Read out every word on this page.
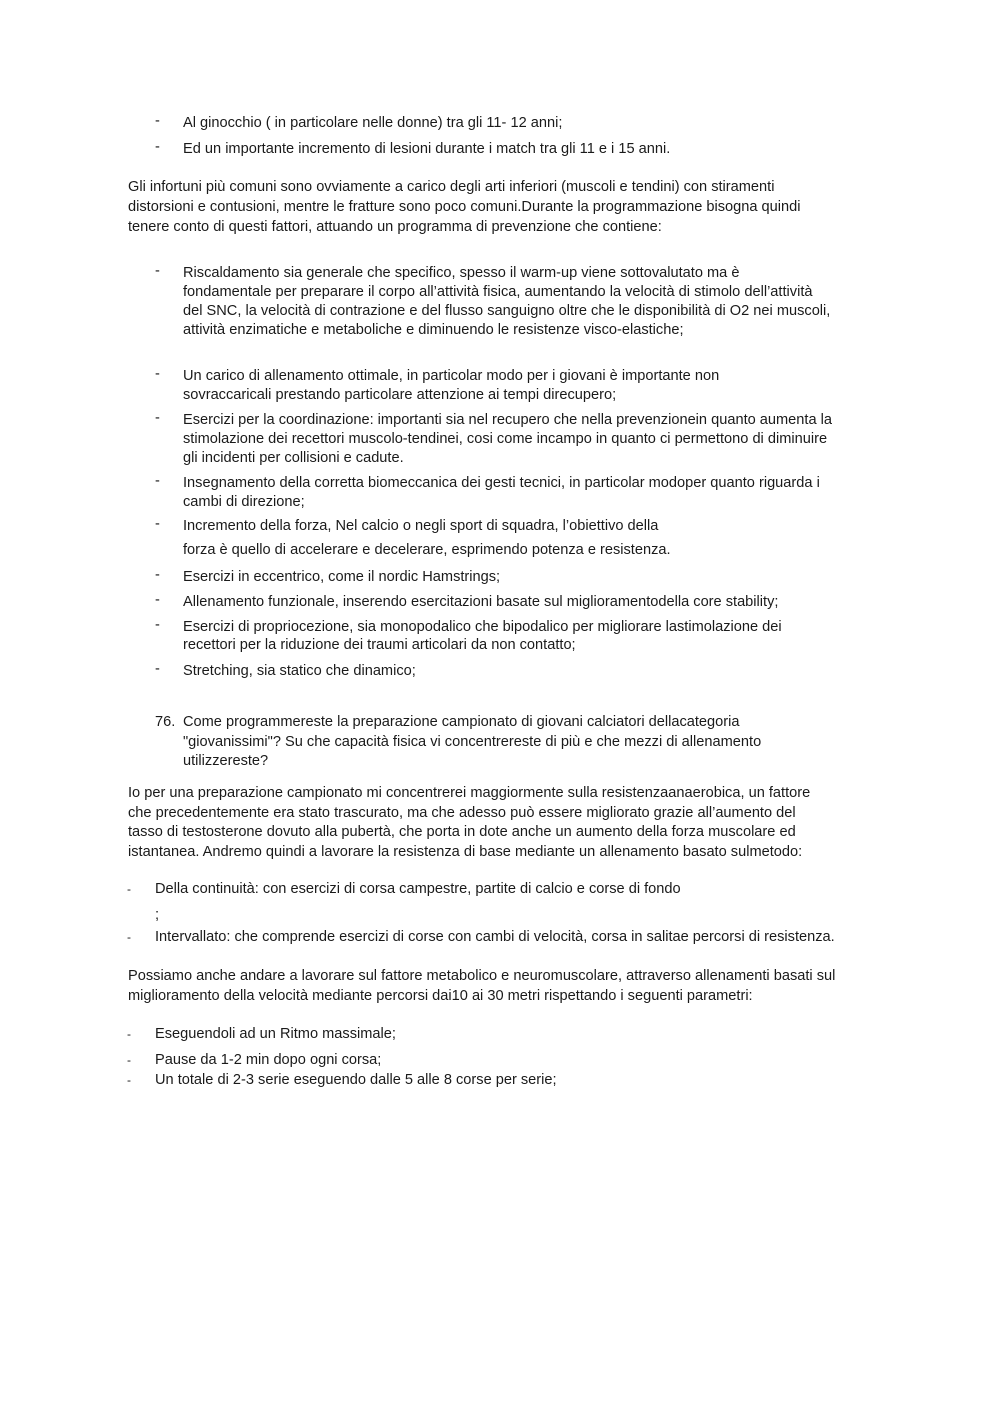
- Al ginocchio ( in particolare nelle donne) tra gli 11- 12 anni;
- Ed un importante incremento di lesioni durante i match tra gli 11 e i 15 anni.
Gli infortuni più comuni sono ovviamente a carico degli arti inferiori (muscoli e tendini) con stiramenti
distorsioni e contusioni, mentre le fratture sono poco comuni.Durante la programmazione bisogna quindi
tenere conto di questi fattori, attuando un programma di prevenzione che contiene:
- Riscaldamento sia generale che specifico, spesso il warm-up viene sottovalutato ma è
fondamentale per preparare il corpo all’attività fisica, aumentando la velocità di stimolo dell’attività
del SNC, la velocità di contrazione e del flusso sanguigno oltre che le disponibilità di O2 nei muscoli,
attività enzimatiche e metaboliche e diminuendo le resistenze visco-elastiche;
- Un carico di allenamento ottimale, in particolar modo per i giovani è importante non
sovraccaricali prestando particolare attenzione ai tempi direcupero;
- Esercizi per la coordinazione: importanti sia nel recupero che nella prevenzionein quanto aumenta la
stimolazione dei recettori muscolo-tendinei, cosi come incampo in quanto ci permettono di diminuire
gli incidenti per collisioni e cadute.
- Insegnamento della corretta biomeccanica dei gesti tecnici, in particolar modoper quanto riguarda i
cambi di direzione;
- Incremento della forza, Nel calcio o negli sport di squadra, l’obiettivo della
forza è quello di accelerare e decelerare, esprimendo potenza e resistenza.
- Esercizi in eccentrico, come il nordic Hamstrings;
- Allenamento funzionale, inserendo esercitazioni basate sul miglioramentodella core stability;
- Esercizi di propriocezione, sia monopodalico che bipodalico per migliorare lastimolazione dei
recettori per la riduzione dei traumi articolari da non contatto;
- Stretching, sia statico che dinamico;
76. Come programmereste la preparazione campionato di giovani calciatori dellacategoria
"giovanissimi"? Su che capacità fisica vi concentrereste di più e che mezzi di allenamento
utilizzereste?
Io per una preparazione campionato mi concentrerei maggiormente sulla resistenzaanaerobica, un fattore
che precedentemente era stato trascurato, ma che adesso può essere migliorato grazie all’aumento del
tasso di testosterone dovuto alla pubertà, che porta in dote anche un aumento della forza muscolare ed
istantanea. Andremo quindi a lavorare la resistenza di base mediante un allenamento basato sulmetodo:
- Della continuità: con esercizi di corsa campestre, partite di calcio e corse di fondo
;
- Intervallato: che comprende esercizi di corse con cambi di velocità, corsa in salitae percorsi di resistenza.
Possiamo anche andare a lavorare sul fattore metabolico e neuromuscolare, attraverso allenamenti basati sul
miglioramento della velocità mediante percorsi dai10 ai 30 metri rispettando i seguenti parametri:
- Eseguendoli ad un Ritmo massimale;
- Pause da 1-2 min dopo ogni corsa;
- Un totale di 2-3 serie eseguendo dalle 5 alle 8 corse per serie;
